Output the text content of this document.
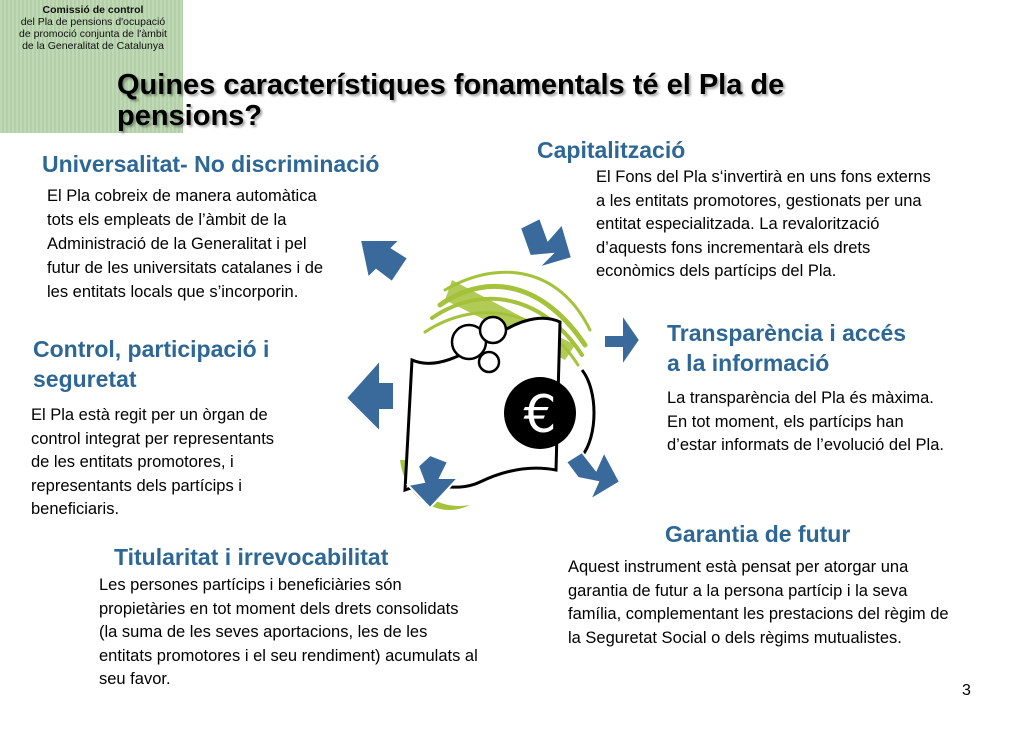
Comissió de control
del Pla de pensions d'ocupació
de promoció conjunta de l'àmbit
de la Generalitat de Catalunya
Quines característiques fonamentals té el Pla de
pensions?
€
Universalitat- No discriminació
El Pla cobreix de manera automàtica
tots els empleats de l’àmbit de la
Administració de la Generalitat i pel
futur de les universitats catalanes i de
les entitats locals que s’incorporin.
Capitalització
El Fons del Pla s‘invertirà en uns fons externs
a les entitats promotores, gestionats per una
entitat especialitzada. La revalorització
d’aquests fons incrementarà els drets
econòmics dels partícips del Pla.
Control, participació i
seguretat
El Pla està regit per un òrgan de
control integrat per representants
de les entitats promotores, i
representants dels partícips i
beneficiaris.
Transparència i accés
a la informació
La transparència del Pla és màxima.
En tot moment, els partícips han
d’estar informats de l’evolució del Pla.
Titularitat i irrevocabilitat
Les persones partícips i beneficiàries són
propietàries en tot moment dels drets consolidats
(la suma de les seves aportacions, les de les
entitats promotores i el seu rendiment) acumulats al
seu favor.
Garantia de futur
Aquest instrument està pensat per atorgar una
garantia de futur a la persona partícip i la seva
família, complementant les prestacions del règim de
la Seguretat Social o dels règims mutualistes.
3
